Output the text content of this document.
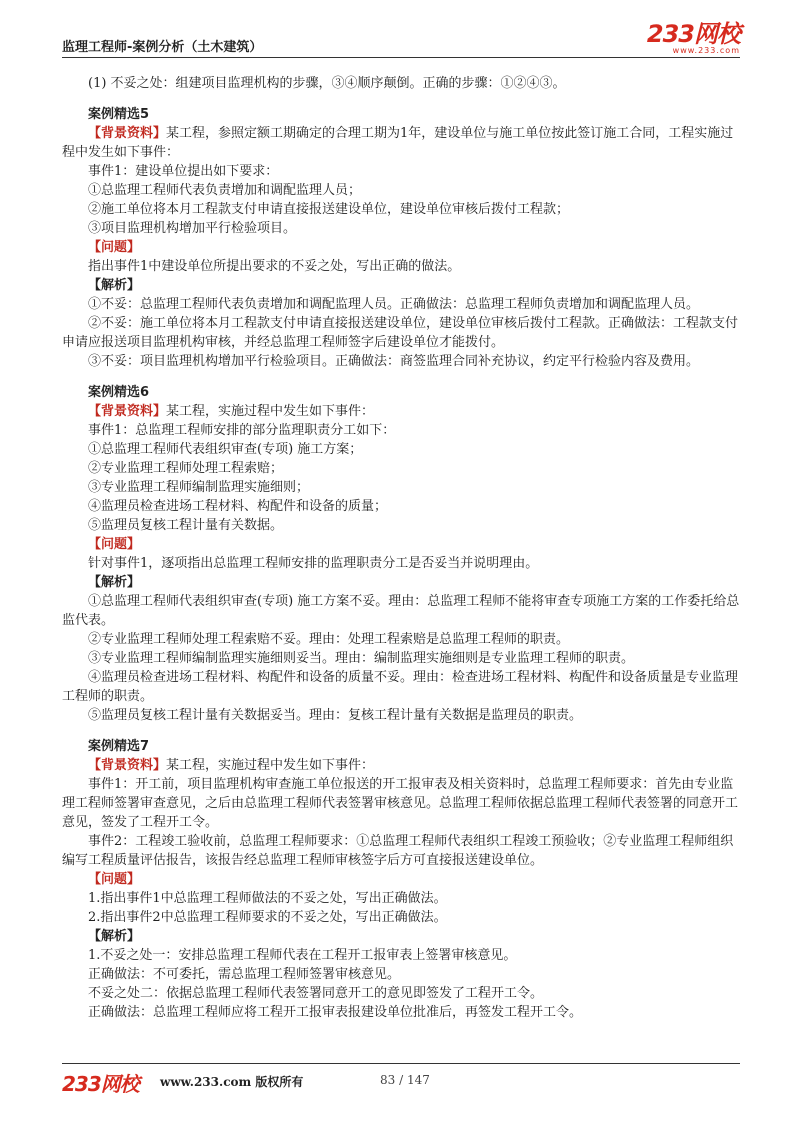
监理工程师-案例分析（土木建筑）	233网校
www.233.com

(1) 不妥之处：组建项目监理机构的步骤，③④顺序颠倒。正确的步骤：①②④③。

案例精选5

【背景资料】某工程，参照定额工期确定的合理工期为1年，建设单位与施工单位按此签订施工合同，工程实施过程中发生如下事件：

事件1：建设单位提出如下要求：

①总监理工程师代表负责增加和调配监理人员；

②施工单位将本月工程款支付申请直接报送建设单位，建设单位审核后拨付工程款；

③项目监理机构增加平行检验项目。

【问题】

指出事件1中建设单位所提出要求的不妥之处，写出正确的做法。

【解析】

①不妥：总监理工程师代表负责增加和调配监理人员。正确做法：总监理工程师负责增加和调配监理人员。

②不妥：施工单位将本月工程款支付申请直接报送建设单位，建设单位审核后拨付工程款。正确做法：工程款支付申请应报送项目监理机构审核，并经总监理工程师签字后建设单位才能拨付。

③不妥：项目监理机构增加平行检验项目。正确做法：商签监理合同补充协议，约定平行检验内容及费用。

案例精选6

【背景资料】某工程，实施过程中发生如下事件：

事件1：总监理工程师安排的部分监理职责分工如下：

①总监理工程师代表组织审查(专项) 施工方案；

②专业监理工程师处理工程索赔；

③专业监理工程师编制监理实施细则；

④监理员检查进场工程材料、构配件和设备的质量；

⑤监理员复核工程计量有关数据。

【问题】

针对事件1，逐项指出总监理工程师安排的监理职责分工是否妥当并说明理由。

【解析】

①总监理工程师代表组织审查(专项) 施工方案不妥。理由：总监理工程师不能将审查专项施工方案的工作委托给总监代表。

②专业监理工程师处理工程索赔不妥。理由：处理工程索赔是总监理工程师的职责。

③专业监理工程师编制监理实施细则妥当。理由：编制监理实施细则是专业监理工程师的职责。

④监理员检查进场工程材料、构配件和设备的质量不妥。理由：检查进场工程材料、构配件和设备质量是专业监理工程师的职责。

⑤监理员复核工程计量有关数据妥当。理由：复核工程计量有关数据是监理员的职责。

案例精选7

【背景资料】某工程，实施过程中发生如下事件：

事件1：开工前，项目监理机构审查施工单位报送的开工报审表及相关资料时，总监理工程师要求：首先由专业监理工程师签署审查意见，之后由总监理工程师代表签署审核意见。总监理工程师依据总监理工程师代表签署的同意开工意见，签发了工程开工令。

事件2：工程竣工验收前，总监理工程师要求：①总监理工程师代表组织工程竣工预验收；②专业监理工程师组织编写工程质量评估报告，该报告经总监理工程师审核签字后方可直接报送建设单位。

【问题】

1.指出事件1中总监理工程师做法的不妥之处，写出正确做法。

2.指出事件2中总监理工程师要求的不妥之处，写出正确做法。

【解析】

1.不妥之处一：安排总监理工程师代表在工程开工报审表上签署审核意见。

正确做法：不可委托，需总监理工程师签署审核意见。

不妥之处二：依据总监理工程师代表签署同意开工的意见即签发了工程开工令。

正确做法：总监理工程师应将工程开工报审表报建设单位批准后，再签发工程开工令。

233网校 www.233.com 版权所有	83 / 147
